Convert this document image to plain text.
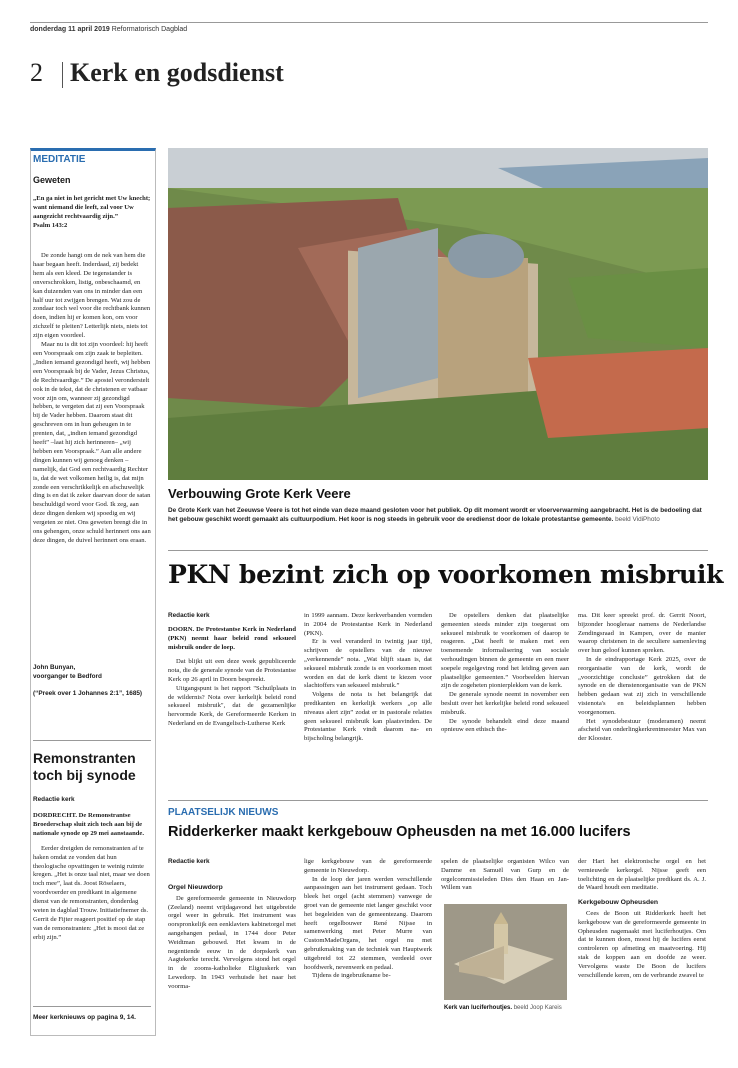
donderdag 11 april 2019 Reformatorisch Dagblad
2 Kerk en godsdienst
MEDITATIE
Geweten
„En ga niet in het gericht met Uw knecht; want niemand die leeft, zal voor Uw aangezicht rechtvaardig zijn.”
Psalm 143:2

De zonde hangt om de nek van hem die haar begaan heeft. Inderdaad, zij bedekt hem als een kleed. De tegenstander is onverschrokken, listig, onbeschaamd, en kan duizenden van ons in minder dan een half uur tot zwijgen brengen. Wat zou de zondaar toch wel voor die rechtbank kunnen doen, indien hij er komen kon, om voor zichzelf te pleiten? Letterlijk niets, niets tot zijn eigen voordeel.

Maar nu is dit tot zijn voordeel: hij heeft een Voorspraak om zijn zaak te bepleiten. „Indien iemand gezondigd heeft, wij hebben een Voorspraak bij de Vader, Jezus Christus, de Rechtvaardige.” De apostel veronderstelt ook in de tekst, dat de christenen er vatbaar voor zijn om, wanneer zij gezondigd hebben, te vergeten dat zij een Voorspraak bij de Vader hebben. Daarom staat dit geschreven om in hun geheugen in te prenten, dat, „indien iemand gezondigd heeft” –laat hij zich herinneren– „wij hebben een Voorspraak.” Aan alle andere dingen kunnen wij genoeg denken –namelijk, dat God een rechtvaardig Rechter is, dat de wet volkomen heilig is, dat mijn zonde een verschrikkelijk en afschuwelijk ding is en dat ik zeker daarvan door de satan beschuldigd word voor God. Ik zeg, aan deze dingen denken wij spoedig en wij vergeten ze niet. Ons geweten brengt die in ons gehengen, onze schuld herinnert ons aan deze dingen, de duivel herinnert ons eraan.

John Bunyan,
voorganger te Bedford

(“Preek over 1 Johannes 2:1”, 1685)
Remonstranten toch bij synode
Redactie kerk

DORDRECHT. De Remonstrantse Broederschap sluit zich toch aan bij de nationale synode op 29 mei aanstaande.

Eerder dreigden de remonstranten af te haken omdat ze vonden dat hun theologische opvattingen te weinig ruimte kregen. „Het is onze taal niet, maar we doen toch mee”, laat ds. Joost Röselaers, voordvoerder en predikant in algemene dienst van de remonstranten, donderdag weten in dagblad Trouw. Initiatiefnemer ds. Gerrit de Fijter reageert positief op de stap van de remonstranten: „Het is mooi dat ze erbij zijn.”

Meer kerknieuws op pagina 9, 14.
Verbouwing Grote Kerk Veere
De Grote Kerk van het Zeeuwse Veere is tot het einde van deze maand gesloten voor het publiek. Op dit moment wordt er vloerverwarming aangebracht. Het is de bedoeling dat het gebouw geschikt wordt gemaakt als cultuurpodium. Het koor is nog steeds in gebruik voor de eredienst door de lokale protestantse gemeente. beeld VidiPhoto
PKN bezint zich op voorkomen misbruik
Redactie kerk

DOORN. De Protestantse Kerk in Nederland (PKN) neemt haar beleid rond seksueel misbruik onder de loep.

Dat blijkt uit een deze week gepubliceerde nota, die de generale synode van de Protestantse Kerk op 26 april in Doorn bespreekt.

Uitgangspunt is het rapport "Schuilplaats in de wildernis? Nota over kerkelijk beleid rond seksueel misbruik", dat de gezamenlijke hervormde Kerk, de Gereformeerde Kerken in Nederland en de Evangelisch-Lutherse Kerk

in 1999 aannam. Deze kerkverbanden vormden in 2004 de Protestantse Kerk in Nederland (PKN).

Er is veel veranderd in twintig jaar tijd, schrijven de opstellers van de nieuwe „verkennende” nota. „Wat blijft staan is, dat seksueel misbruik zonde is en voorkomen moet worden en dat de kerk dient te kiezen voor slachtoffers van seksueel misbruik.”

Volgens de nota is het belangrijk dat predikanten en kerkelijk werkers „op alle niveaus alert zijn” zodat er in pastorale relaties geen seksueel misbruik kan plaatsvinden. De Protestantse Kerk vindt daarom na- en bijscholing belangrijk.

De opstellers denken dat plaatselijke gemeenten steeds minder zijn toegerust om seksueel misbruik te voorkomen of daarop te reageren. „Dat heeft te maken met een toenemende informalisering van sociale verhoudingen binnen de gemeente en een meer soepele regelgeving rond het leiding geven aan plaatselijke gemeenten.” Voorbeelden hiervan zijn de zogeheten pionierplekken van de kerk.

De generale synode neemt in november een besluit over het kerkelijke beleid rond seksueel misbruik.

De synode behandelt eind deze maand opnieuw een ethisch the-

ma. Dit keer spreekt prof. dr. Gerrit Noort, bijzonder hoogleraar namens de Nederlandse Zendingsraad in Kampen, over de manier waarop christenen in de seculiere samenleving over hun geloof kunnen spreken.

In de eindrapportage Kerk 2025, over de reorganisatie van de kerk, wordt de „voorzichtige conclusie” getrokken dat de synode en de dienstenorganisatie van de PKN hebben gedaan wat zij zich in verschillende visienota's en beleidsplannen hebben voorgenomen.

Het synodebestuur (moderamen) neemt afscheid van onderlingkerkrentmeester Max van der Klooster.

PLAATSELIJK NIEUWS
Ridderkerker maakt kerkgebouw Opheusden na met 16.000 lucifers
Redactie kerk
Orgel Nieuwdorp

De gereformeerde gemeente in Nieuwdorp (Zeeland) neemt vrijdagavond het uitgebreide orgel weer in gebruik. Het instrument was oorspronkelijk een eenklaviers kabinetorgel met aangehangen pedaal, in 1744 door Peter Weidtman gebouwd. Het kwam in de negentiende eeuw in de dorpskerk van Aagtekerke terecht. Vervolgens stond het orgel in de zooms-katholieke Eligiuskerk van Lewedorp. In 1943 verhuisde het naar het voorma-

lige kerkgebouw van de gereformeerde gemeente in Nieuwdorp.

In de loop der jaren werden verschillende aanpassingen aan het instrument gedaan. Toch bleek het orgel (acht stemmen) vanwege de groei van de gemeente niet langer geschikt voor het begeleiden van de gemeentezang. Daarom heeft orgelbouwer René Nijsse in samenwerking met Peter Murre van CustomMadeOrgans, het orgel nu met gebruikmaking van de techniek van Hauptwerk uitgebreid tot 22 stemmen, verdeeld over hoofdwerk, nevenwerk en pedaal.

Tijdens de ingebruikname be-

spelen de plaatselijke organisten Wilco van Damme en Samuël van Gurp en de orgelcommissieleden Dies den Haan en Jan-Willem van

Kerk van luciferhoutjes. beeld Joop Kareis

der Hart het elektronische orgel en het vernieuwde kerkorgel. Nijsse geeft een toelichting en de plaatselijke predikant ds. A. J. de Waard houdt een meditatie.

Kerkgebouw Opheusden

Cees de Boon uit Ridderkerk heeft het kerkgebouw van de gereformeerde gemeente in Opheusden nagemaakt met luciferhoutjes. Om dat te kunnen doen, moest hij de lucifers eerst controleren op afmeting en maatvoering. Hij stak de koppen aan en doofde ze weer. Vervolgens waste De Boon de lucifers verschillende keren, om de verbrande zwavel te
